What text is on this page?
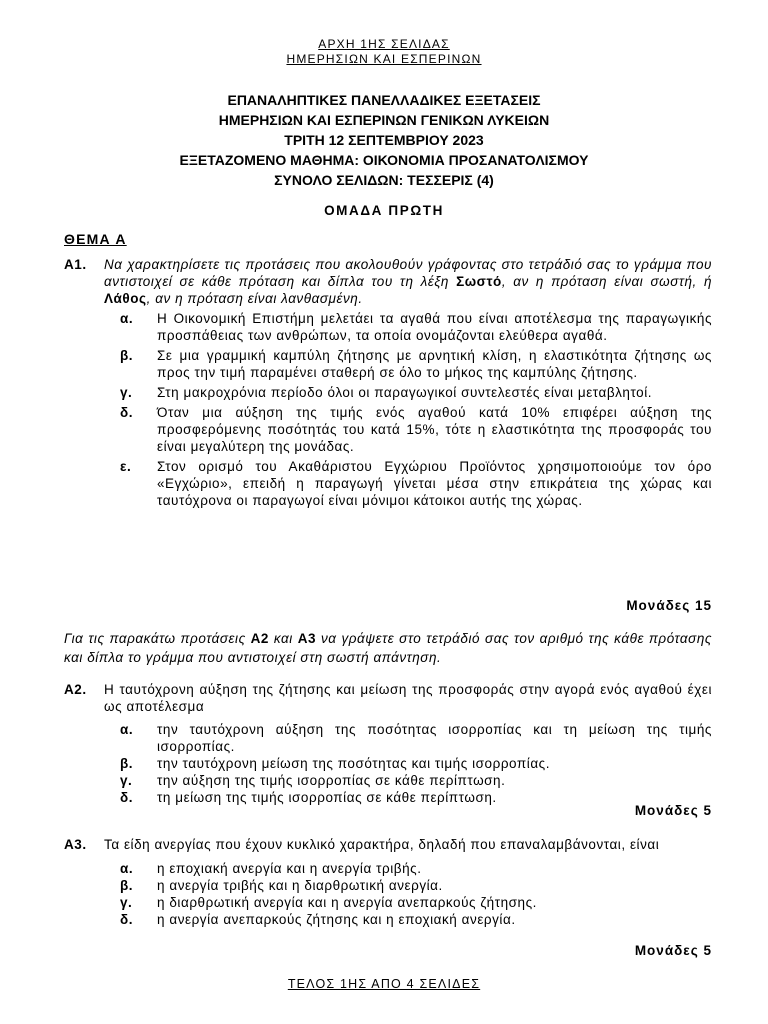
ΑΡΧΗ 1ΗΣ ΣΕΛΙΔΑΣ
ΗΜΕΡΗΣΙΩΝ ΚΑΙ ΕΣΠΕΡΙΝΩΝ
ΕΠΑΝΑΛΗΠΤΙΚΕΣ ΠΑΝΕΛΛΑΔΙΚΕΣ ΕΞΕΤΑΣΕΙΣ
ΗΜΕΡΗΣΙΩΝ ΚΑΙ ΕΣΠΕΡΙΝΩΝ ΓΕΝΙΚΩΝ ΛΥΚΕΙΩΝ
ΤΡΙΤΗ 12 ΣΕΠΤΕΜΒΡΙΟΥ 2023
ΕΞΕΤΑΖΟΜΕΝΟ ΜΑΘΗΜΑ: ΟΙΚΟΝΟΜΙΑ ΠΡΟΣΑΝΑΤΟΛΙΣΜΟΥ
ΣΥΝΟΛΟ ΣΕΛΙΔΩΝ: ΤΕΣΣΕΡΙΣ (4)
ΟΜΑΔΑ ΠΡΩΤΗ
ΘΕΜΑ Α
Α1. Να χαρακτηρίσετε τις προτάσεις που ακολουθούν γράφοντας στο τετράδιό σας το γράμμα που αντιστοιχεί σε κάθε πρόταση και δίπλα του τη λέξη Σωστό, αν η πρόταση είναι σωστή, ή Λάθος, αν η πρόταση είναι λανθασμένη.
α. Η Οικονομική Επιστήμη μελετάει τα αγαθά που είναι αποτέλεσμα της παραγωγικής προσπάθειας των ανθρώπων, τα οποία ονομάζονται ελεύθερα αγαθά.
β. Σε μια γραμμική καμπύλη ζήτησης με αρνητική κλίση, η ελαστικότητα ζήτησης ως προς την τιμή παραμένει σταθερή σε όλο το μήκος της καμπύλης ζήτησης.
γ. Στη μακροχρόνια περίοδο όλοι οι παραγωγικοί συντελεστές είναι μεταβλητοί.
δ. Όταν μια αύξηση της τιμής ενός αγαθού κατά 10% επιφέρει αύξηση της προσφερόμενης ποσότητάς του κατά 15%, τότε η ελαστικότητα της προσφοράς του είναι μεγαλύτερη της μονάδας.
ε. Στον ορισμό του Ακαθάριστου Εγχώριου Προϊόντος χρησιμοποιούμε τον όρο «Εγχώριο», επειδή η παραγωγή γίνεται μέσα στην επικράτεια της χώρας και ταυτόχρονα οι παραγωγοί είναι μόνιμοι κάτοικοι αυτής της χώρας.
Μονάδες 15
Για τις παρακάτω προτάσεις Α2 και Α3 να γράψετε στο τετράδιό σας τον αριθμό της κάθε πρότασης και δίπλα το γράμμα που αντιστοιχεί στη σωστή απάντηση.
Α2. Η ταυτόχρονη αύξηση της ζήτησης και μείωση της προσφοράς στην αγορά ενός αγαθού έχει ως αποτέλεσμα
α. την ταυτόχρονη αύξηση της ποσότητας ισορροπίας και τη μείωση της τιμής ισορροπίας.
β. την ταυτόχρονη μείωση της ποσότητας και τιμής ισορροπίας.
γ. την αύξηση της τιμής ισορροπίας σε κάθε περίπτωση.
δ. τη μείωση της τιμής ισορροπίας σε κάθε περίπτωση.
Μονάδες 5
Α3. Τα είδη ανεργίας που έχουν κυκλικό χαρακτήρα, δηλαδή που επαναλαμβάνονται, είναι
α. η εποχιακή ανεργία και η ανεργία τριβής.
β. η ανεργία τριβής και η διαρθρωτική ανεργία.
γ. η διαρθρωτική ανεργία και η ανεργία ανεπαρκούς ζήτησης.
δ. η ανεργία ανεπαρκούς ζήτησης και η εποχιακή ανεργία.
Μονάδες 5
ΤΕΛΟΣ 1ΗΣ ΑΠΟ 4 ΣΕΛΙΔΕΣ
